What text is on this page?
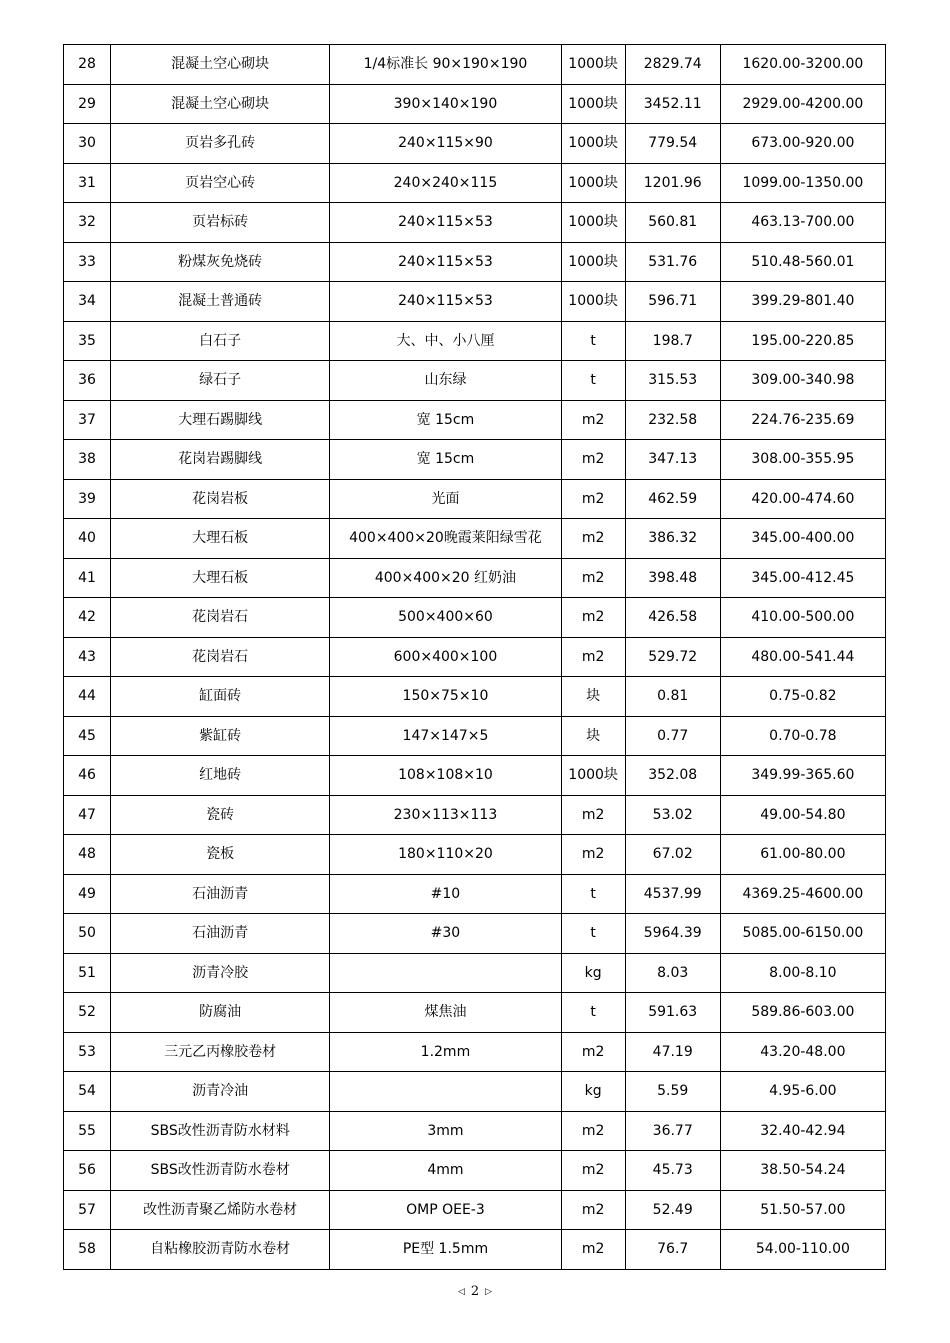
28	混凝土空心砌块	1/4标准长 90×190×190	1000块	2829.74	1620.00-3200.00
29	混凝土空心砌块	390×140×190	1000块	3452.11	2929.00-4200.00
30	页岩多孔砖	240×115×90	1000块	779.54	673.00-920.00
31	页岩空心砖	240×240×115	1000块	1201.96	1099.00-1350.00
32	页岩标砖	240×115×53	1000块	560.81	463.13-700.00
33	粉煤灰免烧砖	240×115×53	1000块	531.76	510.48-560.01
34	混凝土普通砖	240×115×53	1000块	596.71	399.29-801.40
35	白石子	大、中、小八厘	t	198.7	195.00-220.85
36	绿石子	山东绿	t	315.53	309.00-340.98
37	大理石踢脚线	宽 15cm	m2	232.58	224.76-235.69
38	花岗岩踢脚线	宽 15cm	m2	347.13	308.00-355.95
39	花岗岩板	光面	m2	462.59	420.00-474.60
40	大理石板	400×400×20晚霞莱阳绿雪花	m2	386.32	345.00-400.00
41	大理石板	400×400×20 红奶油	m2	398.48	345.00-412.45
42	花岗岩石	500×400×60	m2	426.58	410.00-500.00
43	花岗岩石	600×400×100	m2	529.72	480.00-541.44
44	缸面砖	150×75×10	块	0.81	0.75-0.82
45	紫缸砖	147×147×5	块	0.77	0.70-0.78
46	红地砖	108×108×10	1000块	352.08	349.99-365.60
47	瓷砖	230×113×113	m2	53.02	49.00-54.80
48	瓷板	180×110×20	m2	67.02	61.00-80.00
49	石油沥青	#10	t	4537.99	4369.25-4600.00
50	石油沥青	#30	t	5964.39	5085.00-6150.00
51	沥青冷胶		kg	8.03	8.00-8.10
52	防腐油	煤焦油	t	591.63	589.86-603.00
53	三元乙丙橡胶卷材	1.2mm	m2	47.19	43.20-48.00
54	沥青冷油		kg	5.59	4.95-6.00
55	SBS改性沥青防水材料	3mm	m2	36.77	32.40-42.94
56	SBS改性沥青防水卷材	4mm	m2	45.73	38.50-54.24
57	改性沥青聚乙烯防水卷材	OMP OEE-3	m2	52.49	51.50-57.00
58	自粘橡胶沥青防水卷材	PE型 1.5mm	m2	76.7	54.00-110.00
◁ 2 ▷
